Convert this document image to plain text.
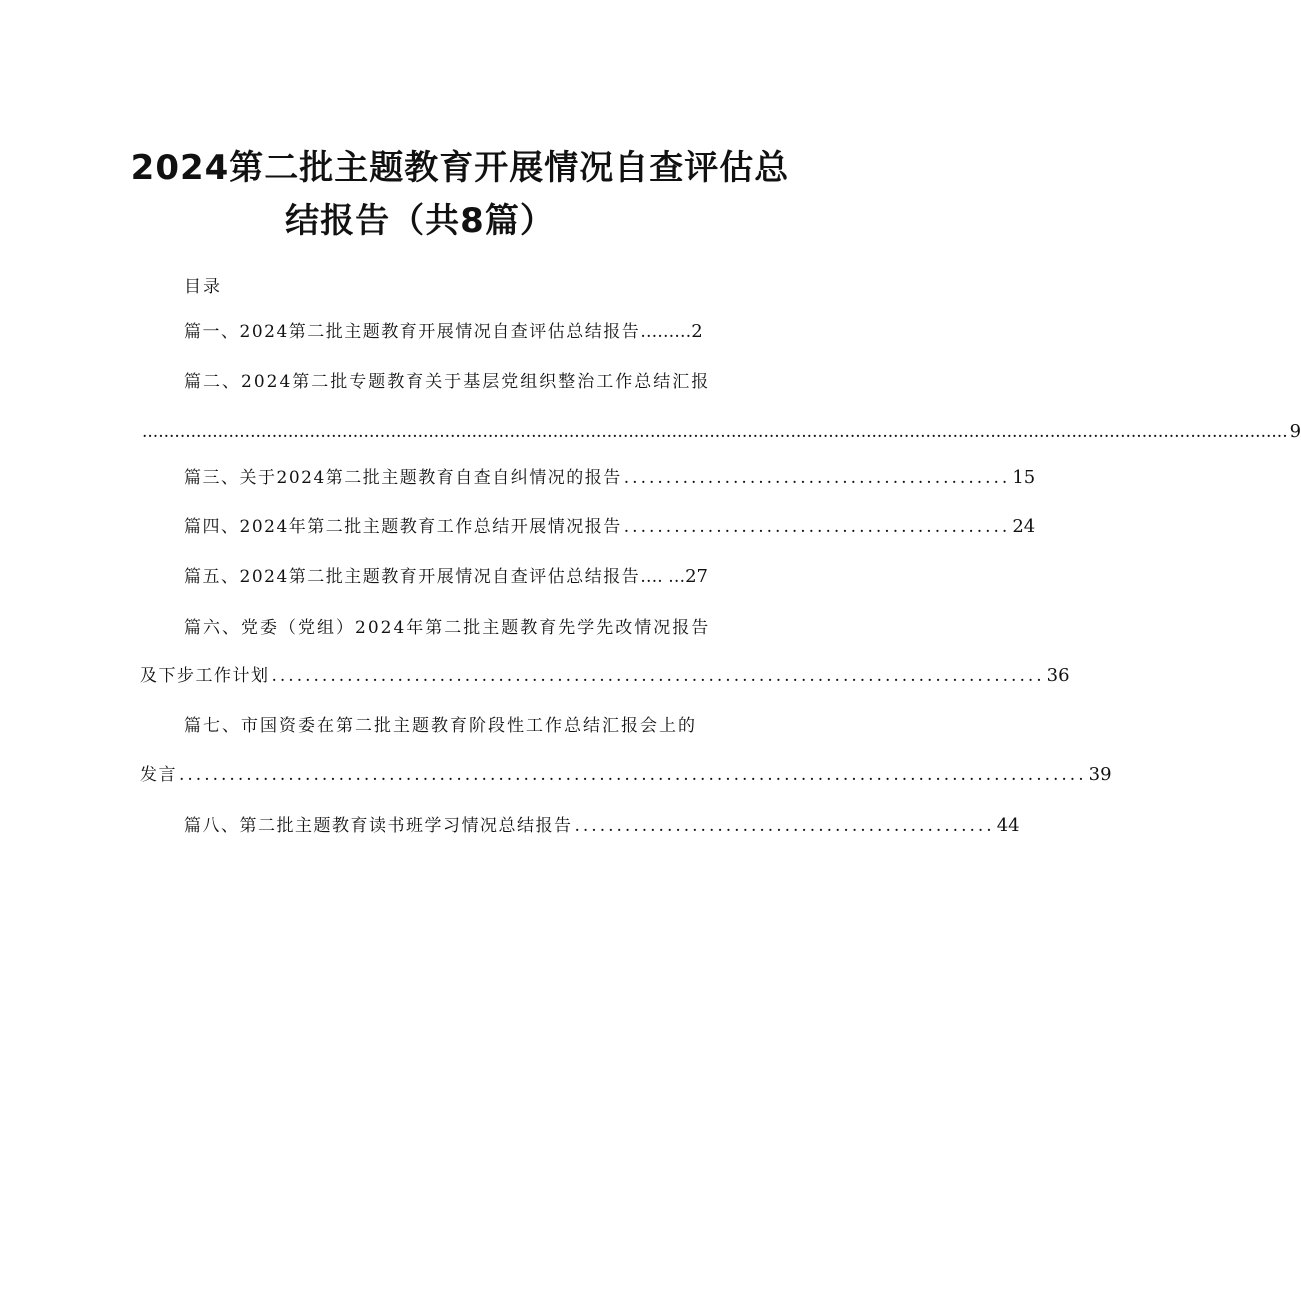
2024第二批主题教育开展情况自查评估总
结报告（共8篇）
目录
篇一、2024第二批主题教育开展情况自查评估总结报告 ……… 2
篇二、2024第二批专题教育关于基层党组织整治工作总结汇报
.................................................................................................................................................................................................................... 9
篇三、关于2024第二批主题教育自查自纠情况的报告 .............................................. 15
篇四、2024年第二批主题教育工作总结开展情况报告 .............................................. 24
篇五、2024第二批主题教育开展情况自查评估总结报告 …. … 27
篇六、党委（党组）2024年第二批主题教育先学先改情况报告
及下步工作计划 ............................................................................................ 36
篇七、市国资委在第二批主题教育阶段性工作总结汇报会上的
发言 ............................................................................................................ 39
篇八、第二批主题教育读书班学习情况总结报告 .................................................. 44
